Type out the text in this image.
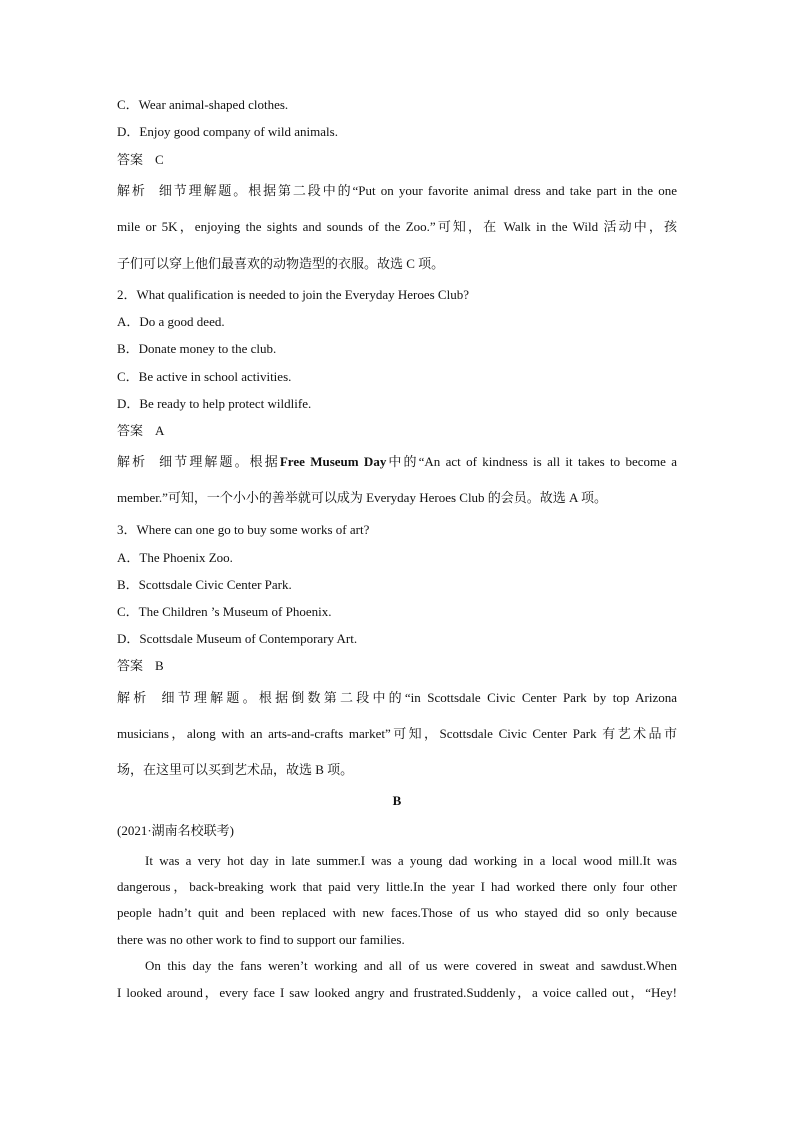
C．Wear animal-shaped clothes.
D．Enjoy good company of wild animals.
答案 C
解析 细节理解题。根据第二段中的“Put on your favorite animal dress and take part in the one
mile or 5K，enjoying the sights and sounds of the Zoo.”可知，在 Walk in the Wild 活动中，孩
子们可以穿上他们最喜欢的动物造型的衣服。故选 C 项。
2．What qualification is needed to join the Everyday Heroes Club?
A．Do a good deed.
B．Donate money to the club.
C．Be active in school activities.
D．Be ready to help protect wildlife.
答案 A
解析 细节理解题。根据Free Museum Day中的“An act of kindness is all it takes to become a
member.”可知，一个小小的善举就可以成为 Everyday Heroes Club 的会员。故选 A 项。
3．Where can one go to buy some works of art?
A．The Phoenix Zoo.
B．Scottsdale Civic Center Park.
C．The Children ’s Museum of Phoenix.
D．Scottsdale Museum of Contemporary Art.
答案 B
解析 细节理解题。根据倒数第二段中的“in Scottsdale Civic Center Park by top Arizona
musicians，along with an arts-and-crafts market”可知，Scottsdale Civic Center Park 有艺术品市
场，在这里可以买到艺术品，故选 B 项。
B
(2021·湖南名校联考)
It was a very hot day in late summer.I was a young dad working in a local wood mill.It was
dangerous，back-breaking work that paid very little.In the year I had worked there only four other
people hadn’t quit and been replaced with new faces.Those of us who stayed did so only because
there was no other work to find to support our families.
On this day the fans weren’t working and all of us were covered in sweat and sawdust.When
I looked around，every face I saw looked angry and frustrated.Suddenly，a voice called out，“Hey!
